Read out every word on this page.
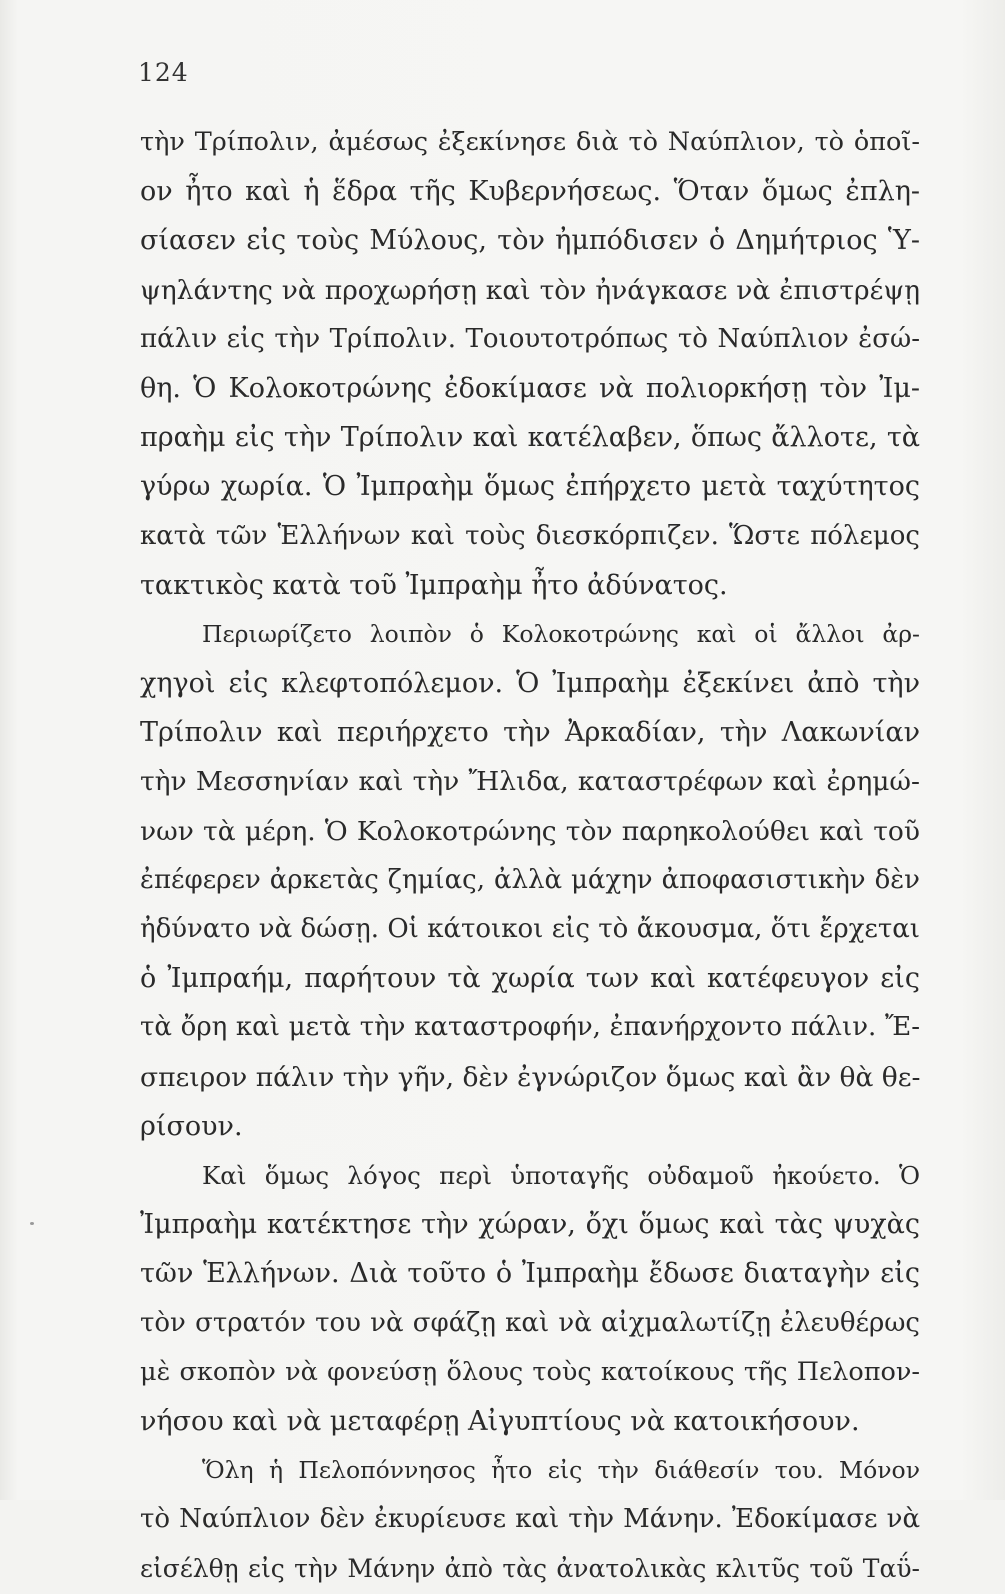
124
τὴν Τρίπολιν, ἀμέσως ἐξεκίνησε διὰ τὸ Ναύπλιον, τὸ ὁποῖ-
ον ἦτο καὶ ἡ ἕδρα τῆς Κυβερνήσεως. Ὅταν ὅμως ἐπλη-
σίασεν εἰς τοὺς Μύλους, τὸν ἠμπόδισεν ὁ Δημήτριος Ὑ-
ψηλάντης νὰ προχωρήσῃ καὶ τὸν ἠνάγκασε νὰ ἐπιστρέψῃ
πάλιν εἰς τὴν Τρίπολιν. Τοιουτοτρόπως τὸ Ναύπλιον ἐσώ-
θη. Ὁ Κολοκοτρώνης ἐδοκίμασε νὰ πολιορκήσῃ τὸν Ἰμ-
πραὴμ εἰς τὴν Τρίπολιν καὶ κατέλαβεν, ὅπως ἄλλοτε, τὰ
γύρω χωρία. Ὁ Ἰμπραὴμ ὅμως ἐπήρχετο μετὰ ταχύτητος
κατὰ τῶν Ἑλλήνων καὶ τοὺς διεσκόρπιζεν. Ὥστε πόλεμος
τακτικὸς κατὰ τοῦ Ἰμπραὴμ ἦτο ἀδύνατος.
Περιωρίζετο λοιπὸν ὁ Κολοκοτρώνης καὶ οἱ ἄλλοι ἀρ-
χηγοὶ εἰς κλεφτοπόλεμον. Ὁ Ἰμπραὴμ ἐξεκίνει ἀπὸ τὴν
Τρίπολιν καὶ περιήρχετο τὴν Ἀρκαδίαν, τὴν Λακωνίαν
τὴν Μεσσηνίαν καὶ τὴν Ἤλιδα, καταστρέφων καὶ ἐρημώ-
νων τὰ μέρη. Ὁ Κολοκοτρώνης τὸν παρηκολούθει καὶ τοῦ
ἐπέφερεν ἀρκετὰς ζημίας, ἀλλὰ μάχην ἀποφασιστικὴν δὲν
ἠδύνατο νὰ δώσῃ. Οἱ κάτοικοι εἰς τὸ ἄκουσμα, ὅτι ἔρχεται
ὁ Ἰμπραήμ, παρήτουν τὰ χωρία των καὶ κατέφευγον εἰς
τὰ ὄρη καὶ μετὰ τὴν καταστροφήν, ἐπανήρχοντο πάλιν. Ἔ-
σπειρον πάλιν τὴν γῆν, δὲν ἐγνώριζον ὅμως καὶ ἂν θὰ θε-
ρίσουν.
Καὶ ὅμως λόγος περὶ ὑποταγῆς οὐδαμοῦ ἠκούετο. Ὁ
Ἰμπραὴμ κατέκτησε τὴν χώραν, ὄχι ὅμως καὶ τὰς ψυχὰς
τῶν Ἑλλήνων. Διὰ τοῦτο ὁ Ἰμπραὴμ ἔδωσε διαταγὴν εἰς
τὸν στρατόν του νὰ σφάζῃ καὶ νὰ αἰχμαλωτίζῃ ἐλευθέρως
μὲ σκοπὸν νὰ φονεύσῃ ὅλους τοὺς κατοίκους τῆς Πελοπον-
νήσου καὶ νὰ μεταφέρῃ Αἰγυπτίους νὰ κατοικήσουν.
Ὅλη ἡ Πελοπόννησος ἦτο εἰς τὴν διάθεσίν του. Μόνον
τὸ Ναύπλιον δὲν ἐκυρίευσε καὶ τὴν Μάνην. Ἐδοκίμασε νὰ
εἰσέλθῃ εἰς τὴν Μάνην ἀπὸ τὰς ἀνατολικὰς κλιτῦς τοῦ Ταΰ-
